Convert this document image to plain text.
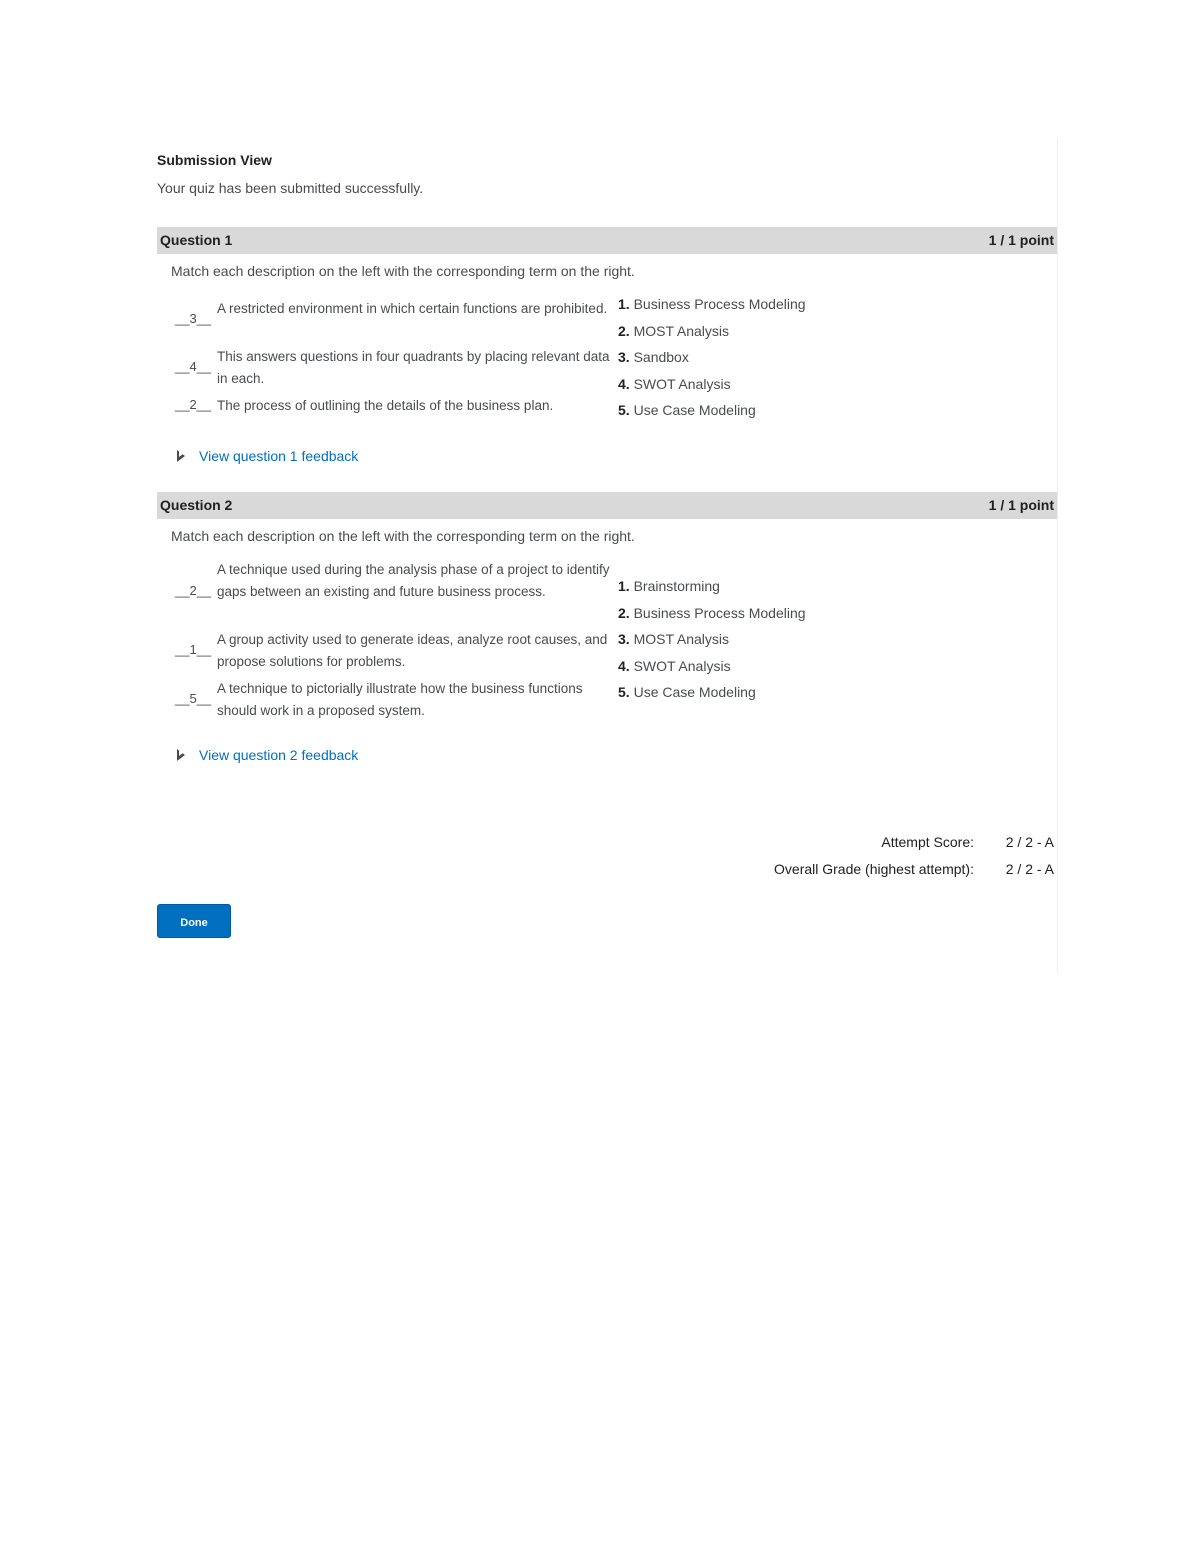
Submission View
Your quiz has been submitted successfully.
Question 1	1 / 1 point
Match each description on the left with the corresponding term on the right.
__3__
A restricted environment in which certain functions are prohibited.
__4__
This answers questions in four quadrants by placing relevant data in each.
__2__ The process of outlining the details of the business plan.
1. Business Process Modeling
2. MOST Analysis
3. Sandbox
4. SWOT Analysis
5. Use Case Modeling
View question 1 feedback
Question 2	1 / 1 point
Match each description on the left with the corresponding term on the right.
__2__
A technique used during the analysis phase of a project to identify gaps between an existing and future business process.
__1__
A group activity used to generate ideas, analyze root causes, and propose solutions for problems.
__5__
A technique to pictorially illustrate how the business functions should work in a proposed system.
1. Brainstorming
2. Business Process Modeling
3. MOST Analysis
4. SWOT Analysis
5. Use Case Modeling
View question 2 feedback
Attempt Score: 2 / 2 - A
Overall Grade (highest attempt): 2 / 2 - A
Done
